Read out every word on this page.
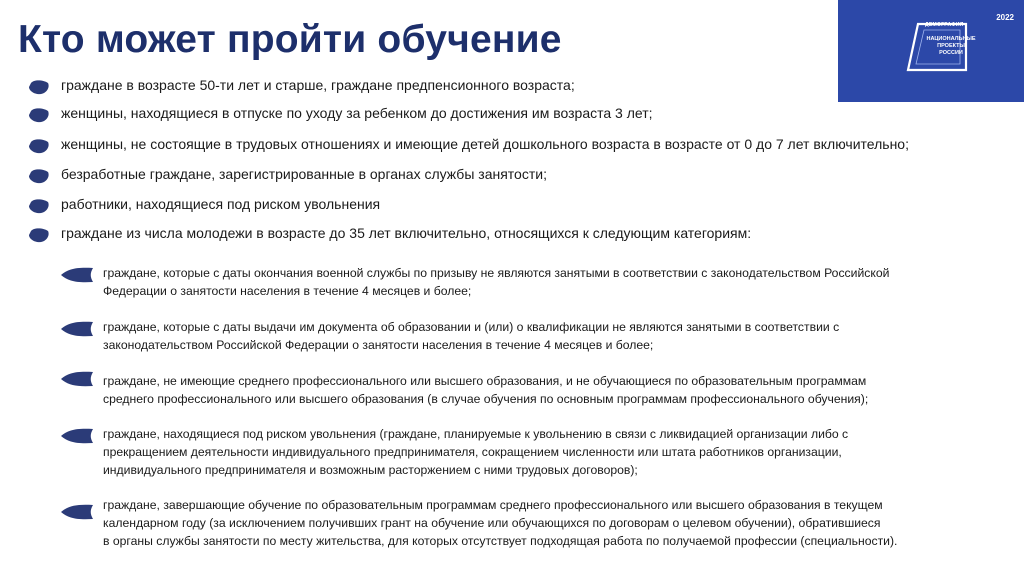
Кто может пройти обучение
2022
ДЕМОГРАФИЯ
НАЦИОНАЛЬНЫЕ
ПРОЕКТЫ
РОССИИ
граждане в возрасте 50-ти лет и старше, граждане предпенсионного возраста;
женщины, находящиеся в отпуске по уходу за ребенком до достижения им возраста 3 лет;
женщины, не состоящие в трудовых отношениях и имеющие детей дошкольного возраста в возрасте от 0 до 7 лет включительно;
безработные граждане, зарегистрированные в органах службы занятости;
работники, находящиеся под риском увольнения
граждане из числа молодежи в возрасте до 35 лет включительно, относящихся к следующим категориям:
граждане, которые с даты окончания военной службы по призыву не являются занятыми в соответствии с законодательством Российской
Федерации о занятости населения в течение 4 месяцев и более;
граждане, которые с даты выдачи им документа об образовании и (или) о квалификации не являются занятыми в соответствии с
законодательством Российской Федерации о занятости населения в течение 4 месяцев и более;
граждане, не имеющие среднего профессионального или высшего образования, и не обучающиеся по образовательным программам
среднего профессионального или высшего образования (в случае обучения по основным программам профессионального обучения);
граждане, находящиеся под риском увольнения (граждане, планируемые к увольнению в связи с ликвидацией организации либо с
прекращением деятельности индивидуального предпринимателя, сокращением численности или штата работников организации,
индивидуального предпринимателя и возможным расторжением с ними трудовых договоров);
граждане, завершающие обучение по образовательным программам среднего профессионального или высшего образования в текущем
календарном году (за исключением получивших грант на обучение или обучающихся по договорам о целевом обучении), обратившиеся
в органы службы занятости по месту жительства, для которых отсутствует подходящая работа по получаемой профессии (специальности).
